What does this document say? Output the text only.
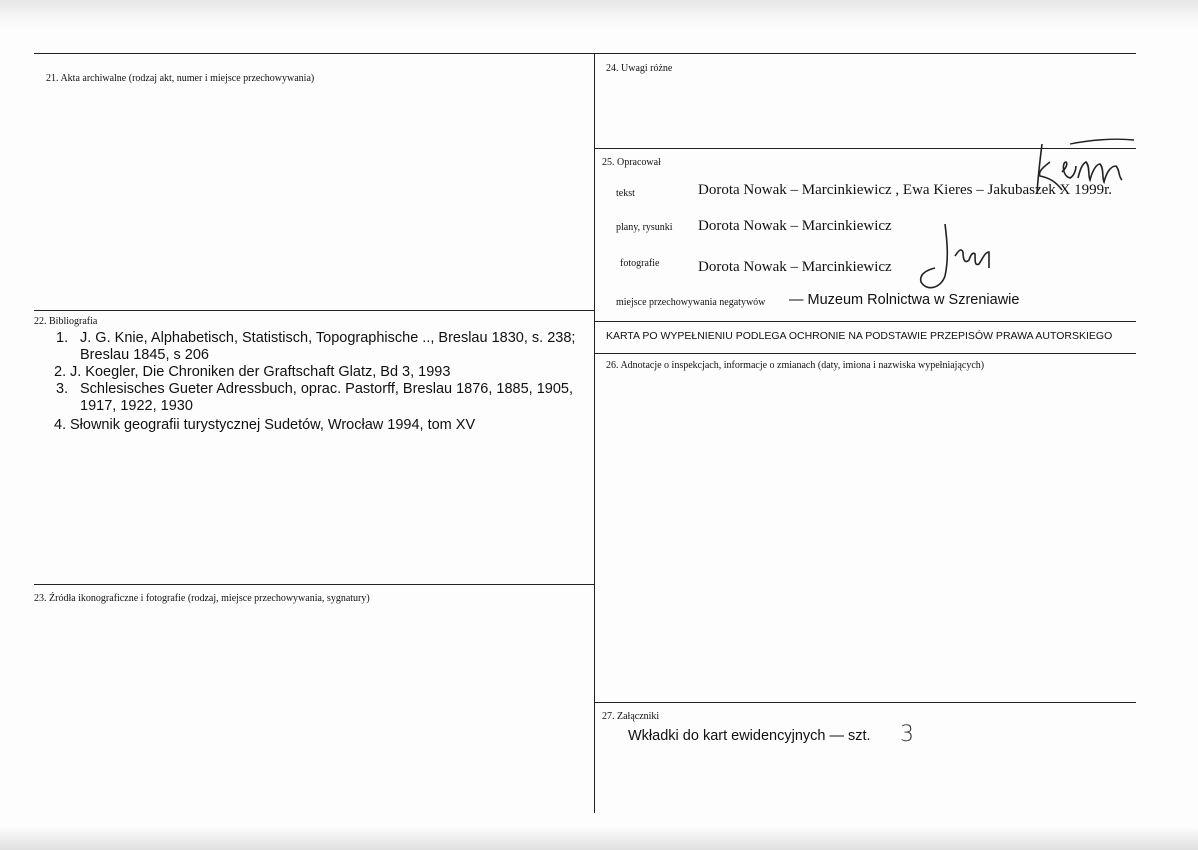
21. Akta archiwalne (rodzaj akt, numer i miejsce przechowywania)
22. Bibliografia
1. J. G. Knie, Alphabetisch, Statistisch, Topographische .., Breslau 1830, s. 238; Breslau 1845, s 206
2. J. Koegler, Die Chroniken der Graftschaft Glatz, Bd 3, 1993
3. Schlesisches Gueter Adressbuch, oprac. Pastorff, Breslau 1876, 1885, 1905, 1917, 1922, 1930
4. Słownik geografii turystycznej Sudetów, Wrocław 1994, tom XV
23. Źródła ikonograficzne i fotografie (rodzaj, miejsce przechowywania, sygnatury)
24. Uwagi różne
25. Opracował
tekst	Dorota Nowak – Marcinkiewicz , Ewa Kieres – Jakubaszek X 1999r.
plany, rysunki Dorota Nowak – Marcinkiewicz
fotografie	Dorota Nowak – Marcinkiewicz
miejsce przechowywania negatywów — Muzeum Rolnictwa w Szreniawie
KARTA PO WYPEŁNIENIU PODLEGA OCHRONIE NA PODSTAWIE PRZEPISÓW PRAWA AUTORSKIEGO
26. Adnotacje o inspekcjach, informacje o zmianach (daty, imiona i nazwiska wypełniających)
27. Załączniki
Wkładki do kart ewidencyjnych — szt. 3
